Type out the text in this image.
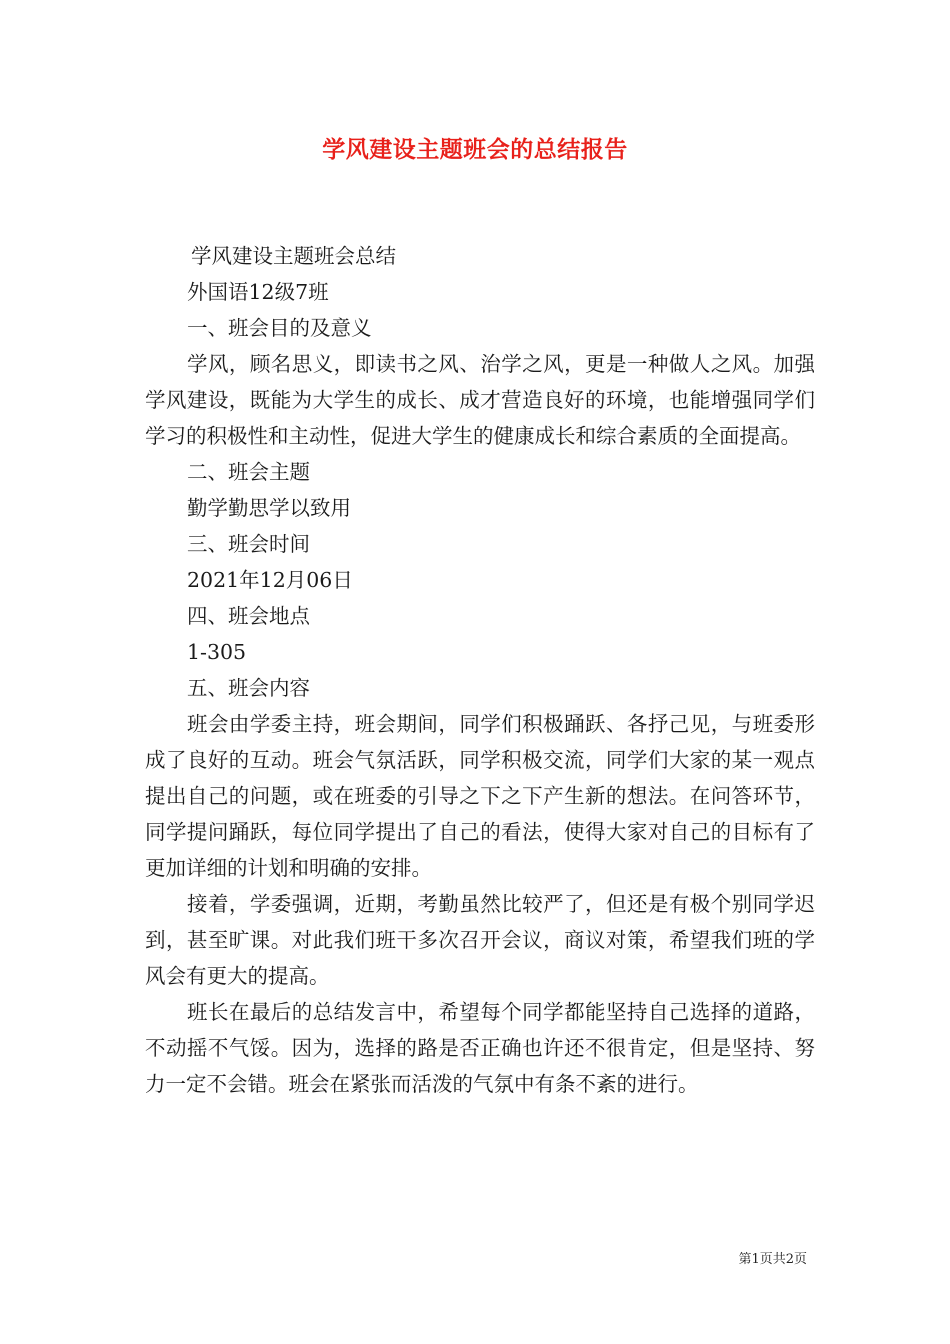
学风建设主题班会的总结报告

学风建设主题班会总结

外国语12级7班

一、班会目的及意义

学风，顾名思义，即读书之风、治学之风，更是一种做人之风。加强学风建设，既能为大学生的成长、成才营造良好的环境，也能增强同学们学习的积极性和主动性，促进大学生的健康成长和综合素质的全面提高。

二、班会主题

勤学勤思学以致用

三、班会时间

2021年12月06日

四、班会地点

1-305

五、班会内容

班会由学委主持，班会期间，同学们积极踊跃、各抒己见，与班委形成了良好的互动。班会气氛活跃，同学积极交流，同学们大家的某一观点提出自己的问题，或在班委的引导之下之下产生新的想法。在问答环节，同学提问踊跃，每位同学提出了自己的看法，使得大家对自己的目标有了更加详细的计划和明确的安排。

接着，学委强调，近期，考勤虽然比较严了，但还是有极个别同学迟到，甚至旷课。对此我们班干多次召开会议，商议对策，希望我们班的学风会有更大的提高。

班长在最后的总结发言中，希望每个同学都能坚持自己选择的道路，不动摇不气馁。因为，选择的路是否正确也许还不很肯定，但是坚持、努力一定不会错。班会在紧张而活泼的气氛中有条不紊的进行。

第1页共2页
